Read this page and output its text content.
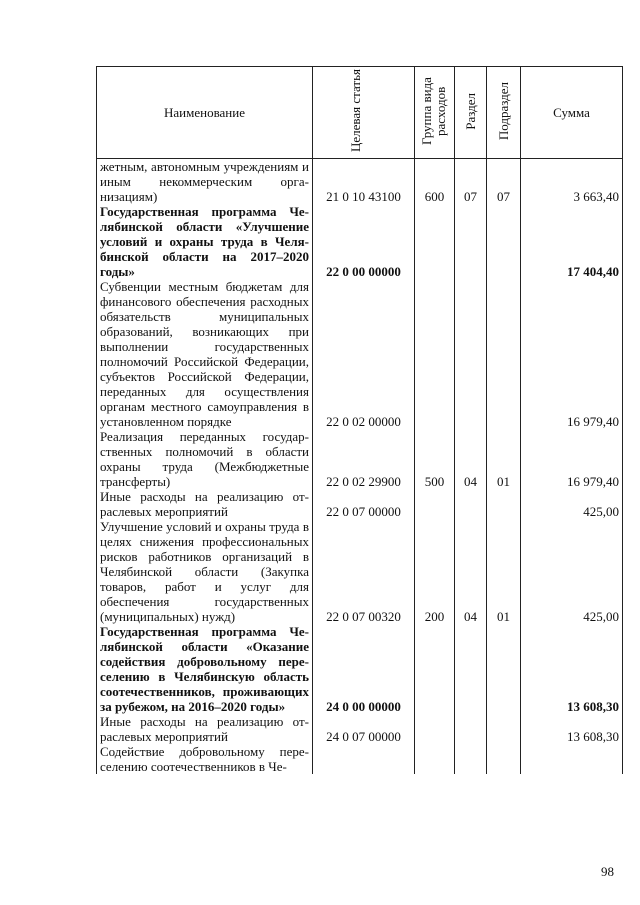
Наименование	Целевая статья	Группа вида расходов	Раздел	Подраздел	Сумма
жетным, автономным учреждениям и иным некоммерческим организациям)	21 0 10 43100	600	07	07	3 663,40
Государственная программа Челябинской области «Улучшение условий и охраны труда в Челябинской области на 2017–2020 годы»	22 0 00 00000				17 404,40
Субвенции местным бюджетам для финансового обеспечения расходных обязательств муниципальных образований, возникающих при выполнении государственных полномочий Российской Федерации, субъектов Российской Федерации, переданных для осуществления органам местного самоуправления в установленном порядке	22 0 02 00000				16 979,40
Реализация переданных государственных полномочий в области охраны труда (Межбюджетные трансферты)	22 0 02 29900	500	04	01	16 979,40
Иные расходы на реализацию отраслевых мероприятий	22 0 07 00000				425,00
Улучшение условий и охраны труда в целях снижения профессиональных рисков работников организаций в Челябинской области (Закупка товаров, работ и услуг для обеспечения государственных (муниципальных) нужд)	22 0 07 00320	200	04	01	425,00
Государственная программа Челябинской области «Оказание содействия добровольному переселению в Челябинскую область соотечественников, проживающих за рубежом, на 2016–2020 годы»	24 0 00 00000				13 608,30
Иные расходы на реализацию отраслевых мероприятий	24 0 07 00000				13 608,30
Содействие добровольному переселению соотечественников в Че-					
98
